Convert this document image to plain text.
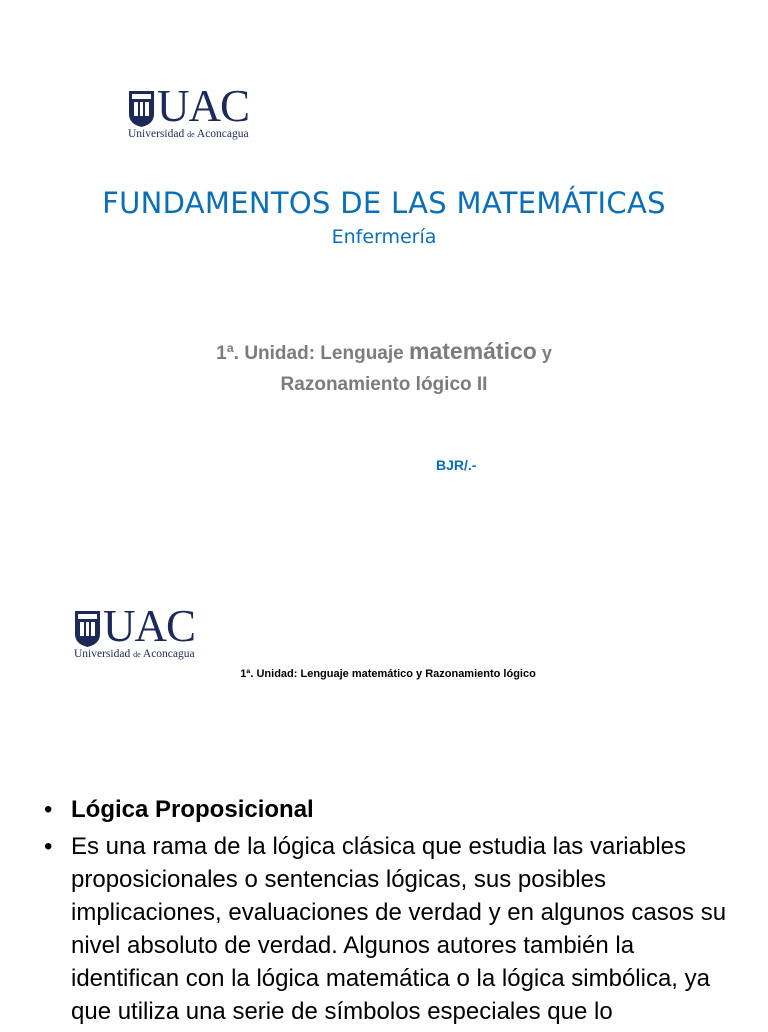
UAC
Universidad de Aconcagua
FUNDAMENTOS DE LAS MATEMÁTICAS
Enfermería
1ª. Unidad: Lenguaje matemático y
Razonamiento lógico II
BJR/.-
UAC
Universidad de Aconcagua
1ª. Unidad: Lenguaje matemático y Razonamiento lógico
• Lógica Proposicional
• Es una rama de la lógica clásica que estudia las variables proposicionales o sentencias lógicas, sus posibles implicaciones, evaluaciones de verdad y en algunos casos su nivel absoluto de verdad. Algunos autores también la identifican con la lógica matemática o la lógica simbólica, ya que utiliza una serie de símbolos especiales que lo
